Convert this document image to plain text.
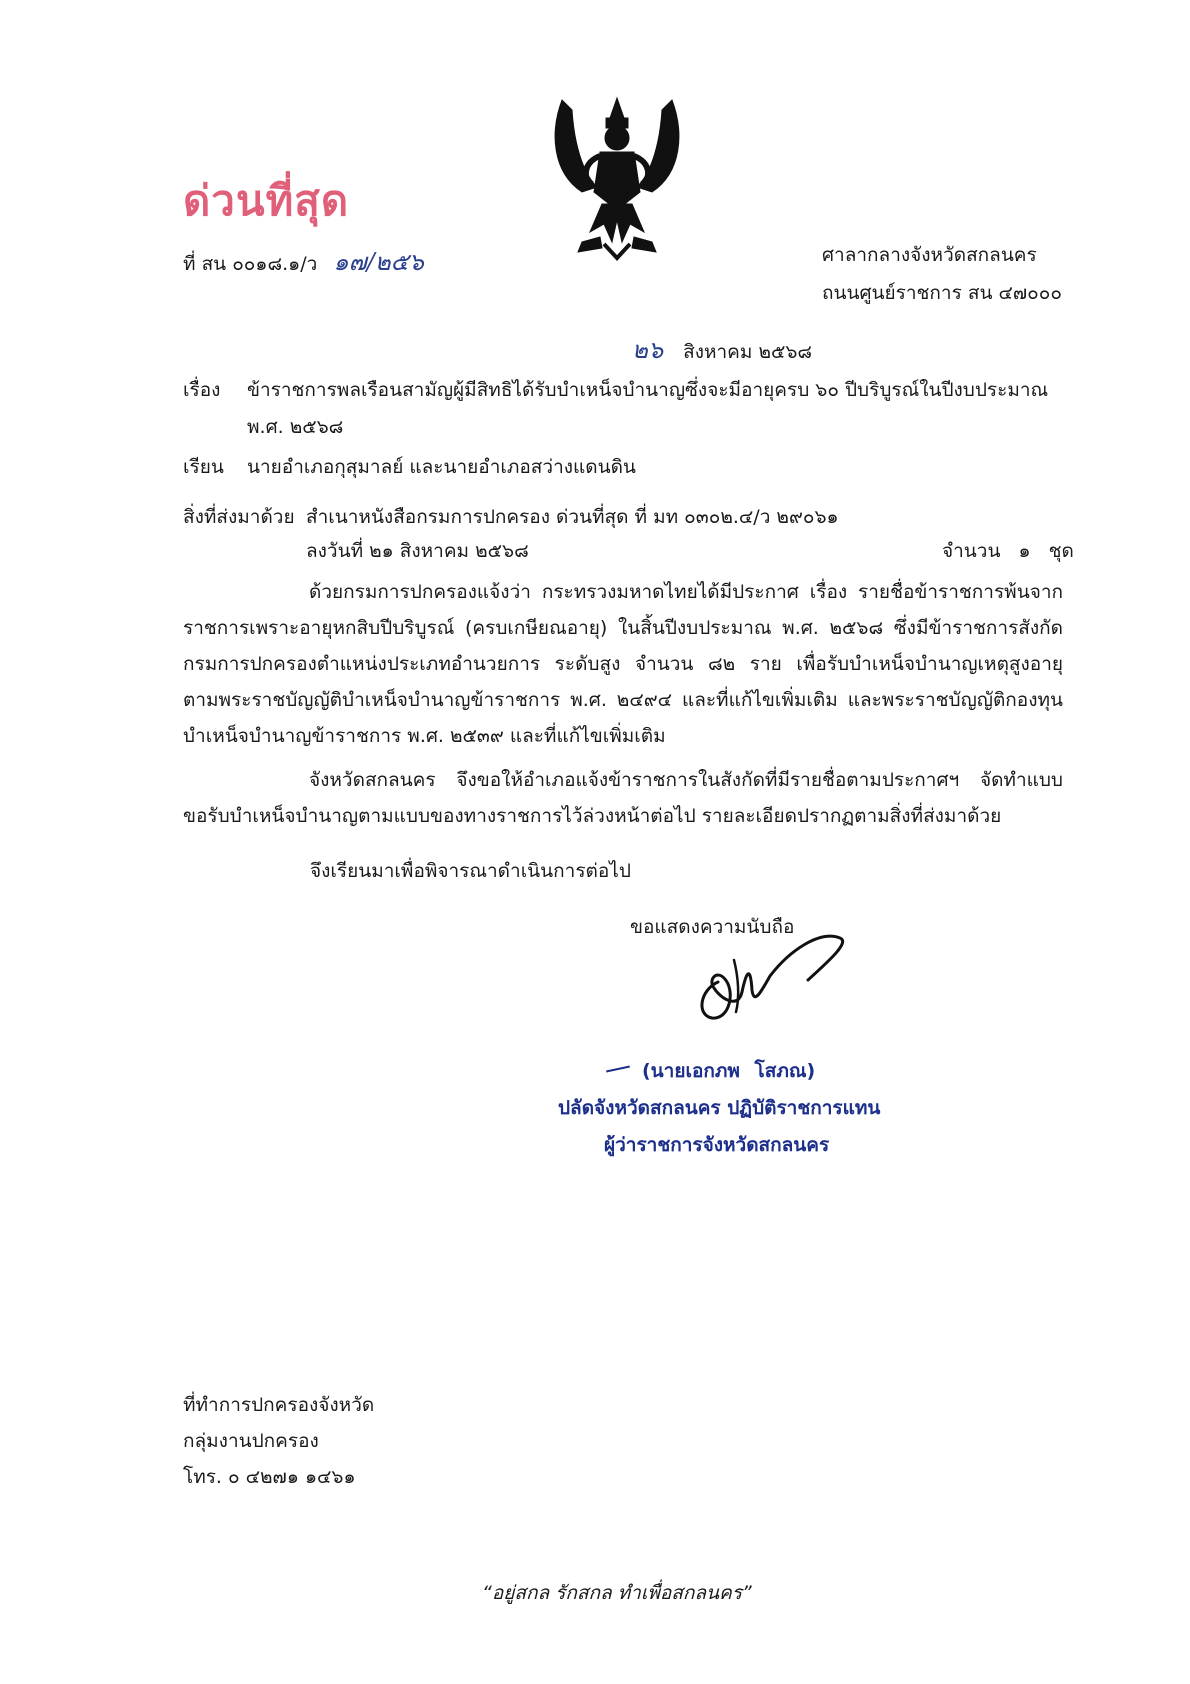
ด่วนที่สุด
ที่ สน ๐๐๑๘.๑/ว ๑๗/๒๕๖	ศาลากลางจังหวัดสกลนคร
ถนนศูนย์ราชการ สน ๔๗๐๐๐
๒๖ สิงหาคม ๒๕๖๘
เรื่อง ข้าราชการพลเรือนสามัญผู้มีสิทธิได้รับบำเหน็จบำนาญซึ่งจะมีอายุครบ ๖๐ ปีบริบูรณ์ในปีงบประมาณ
พ.ศ. ๒๕๖๘
เรียน นายอำเภอกุสุมาลย์ และนายอำเภอสว่างแดนดิน
สิ่งที่ส่งมาด้วย สำเนาหนังสือกรมการปกครอง ด่วนที่สุด ที่ มท ๐๓๐๒.๔/ว ๒๙๐๖๑
ลงวันที่ ๒๑ สิงหาคม ๒๕๖๘	จำนวน ๑ ชุด
ด้วยกรมการปกครองแจ้งว่า กระทรวงมหาดไทยได้มีประกาศ เรื่อง รายชื่อข้าราชการพ้นจากราชการเพราะอายุหกสิบปีบริบูรณ์ (ครบเกษียณอายุ) ในสิ้นปีงบประมาณ พ.ศ. ๒๕๖๘ ซึ่งมีข้าราชการสังกัดกรมการปกครองตำแหน่งประเภทอำนวยการ ระดับสูง จำนวน ๘๒ ราย เพื่อรับบำเหน็จบำนาญเหตุสูงอายุตามพระราชบัญญัติบำเหน็จบำนาญข้าราชการ พ.ศ. ๒๔๙๔ และที่แก้ไขเพิ่มเติม และพระราชบัญญัติกองทุนบำเหน็จบำนาญข้าราชการ พ.ศ. ๒๕๓๙ และที่แก้ไขเพิ่มเติม
จังหวัดสกลนคร จึงขอให้อำเภอแจ้งข้าราชการในสังกัดที่มีรายชื่อตามประกาศฯ จัดทำแบบขอรับบำเหน็จบำนาญตามแบบของทางราชการไว้ล่วงหน้าต่อไป รายละเอียดปรากฏตามสิ่งที่ส่งมาด้วย
จึงเรียนมาเพื่อพิจารณาดำเนินการต่อไป
ขอแสดงความนับถือ
(นายเอกภพ โสภณ)
ปลัดจังหวัดสกลนคร ปฏิบัติราชการแทน
ผู้ว่าราชการจังหวัดสกลนคร
ที่ทำการปกครองจังหวัด
กลุ่มงานปกครอง
โทร. ๐ ๔๒๗๑ ๑๔๖๑
“อยู่สกล รักสกล ทำเพื่อสกลนคร”
